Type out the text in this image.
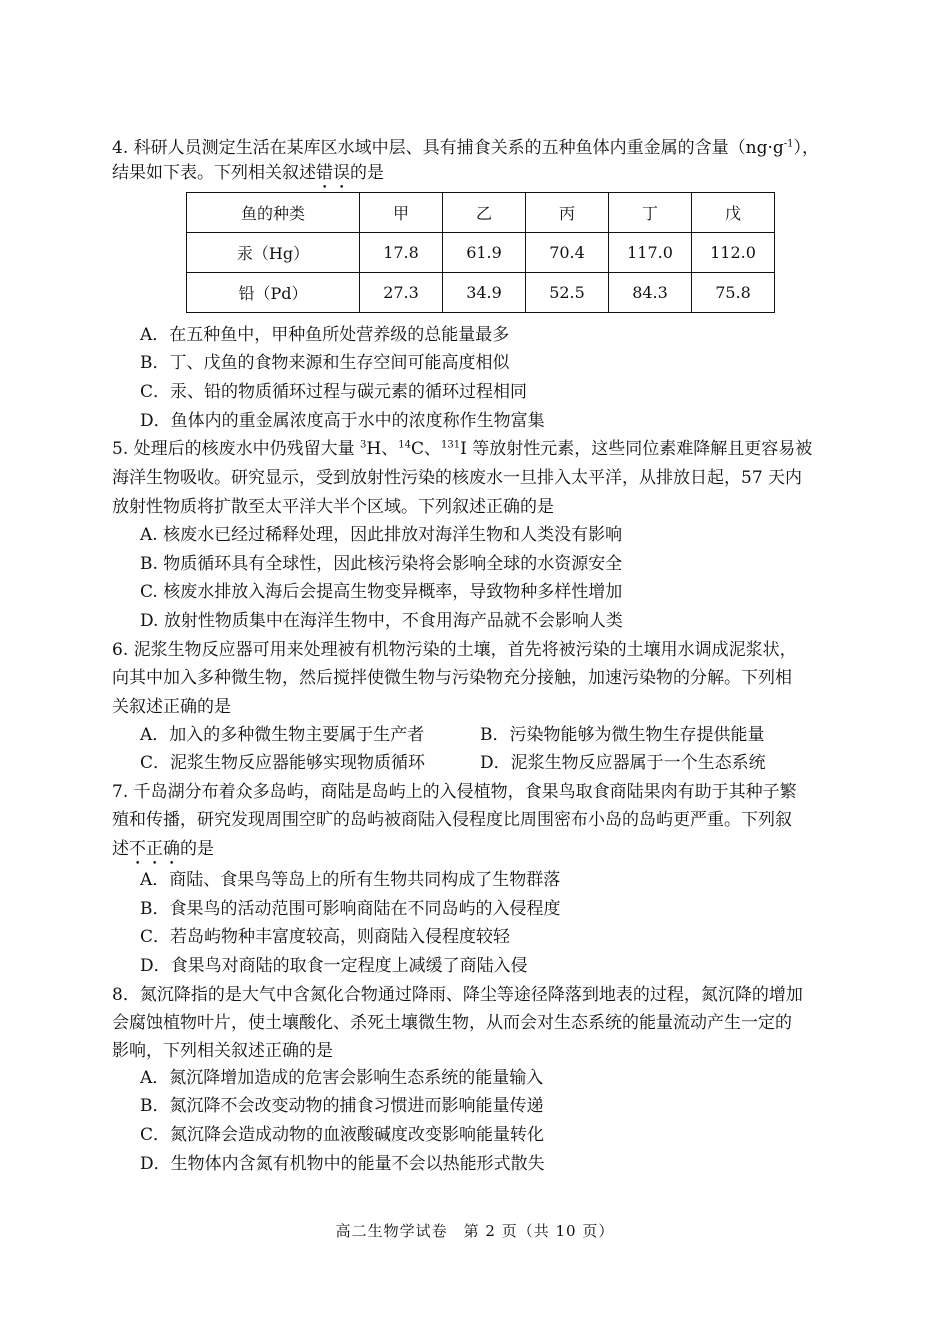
4. 科研人员测定生活在某库区水域中层、具有捕食关系的五种鱼体内重金属的含量$(ng\cdot g^{-1})$，
结果如下表。下列相关叙述错误的是
鱼的种类	甲	乙	丙	丁	戊
汞（Hg）	17.8	61.9	70.4	117.0	112.0
铅（Pd）	27.3	34.9	52.5	84.3	75.8
A．在五种鱼中，甲种鱼所处营养级的总能量最多
B．丁、戊鱼的食物来源和生存空间可能高度相似
C．汞、铅的物质循环过程与碳元素的循环过程相同
D．鱼体内的重金属浓度高于水中的浓度称作生物富集
5. 处理后的核废水中仍残留大量 $^3$H、$^{14}$C、$^{131}$I 等放射性元素，这些同位素难降解且更容易被
海洋生物吸收。研究显示，受到放射性污染的核废水一旦排入太平洋，从排放日起，57 天内
放射性物质将扩散至太平洋大半个区域。下列叙述正确的是
A. 核废水已经过稀释处理，因此排放对海洋生物和人类没有影响
B. 物质循环具有全球性，因此核污染将会影响全球的水资源安全
C. 核废水排放入海后会提高生物变异概率，导致物种多样性增加
D. 放射性物质集中在海洋生物中，不食用海产品就不会影响人类
6. 泥浆生物反应器可用来处理被有机物污染的土壤，首先将被污染的土壤用水调成泥浆状，
向其中加入多种微生物，然后搅拌使微生物与污染物充分接触，加速污染物的分解。下列相
关叙述正确的是
A．加入的多种微生物主要属于生产者	B．污染物能够为微生物生存提供能量
C．泥浆生物反应器能够实现物质循环	D．泥浆生物反应器属于一个生态系统
7. 千岛湖分布着众多岛屿，商陆是岛屿上的入侵植物，食果鸟取食商陆果肉有助于其种子繁
殖和传播，研究发现周围空旷的岛屿被商陆入侵程度比周围密布小岛的岛屿更严重。下列叙
述不正确的是
A．商陆、食果鸟等岛上的所有生物共同构成了生物群落
B．食果鸟的活动范围可影响商陆在不同岛屿的入侵程度
C．若岛屿物种丰富度较高，则商陆入侵程度较轻
D．食果鸟对商陆的取食一定程度上减缓了商陆入侵
8．氮沉降指的是大气中含氮化合物通过降雨、降尘等途径降落到地表的过程，氮沉降的增加
会腐蚀植物叶片，使土壤酸化、杀死土壤微生物，从而会对生态系统的能量流动产生一定的
影响，下列相关叙述正确的是
A．氮沉降增加造成的危害会影响生态系统的能量输入
B．氮沉降不会改变动物的捕食习惯进而影响能量传递
C．氮沉降会造成动物的血液酸碱度改变影响能量转化
D．生物体内含氮有机物中的能量不会以热能形式散失
高二生物学试卷　第 2 页（共 10 页）
